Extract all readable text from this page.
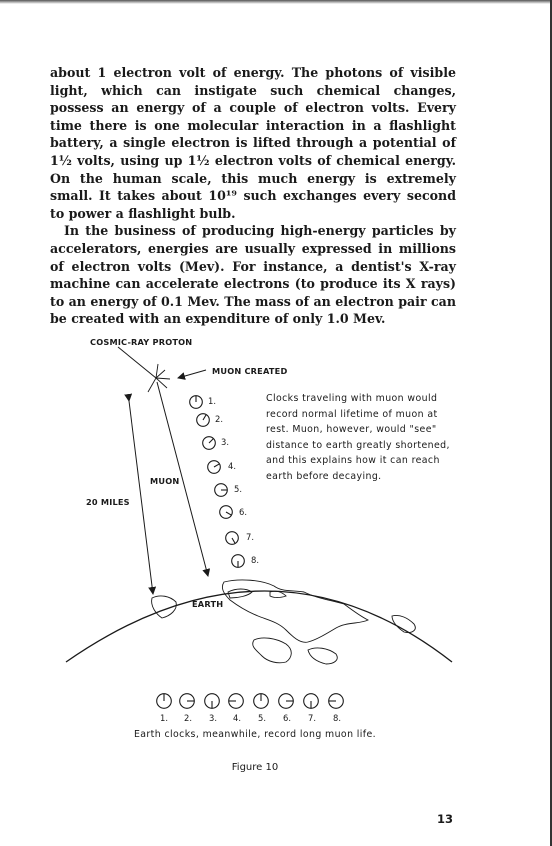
about 1 electron volt of energy. The photons of visible light, which can instigate such chemical changes, possess an energy of a couple of electron volts. Every time there is one molecular interaction in a flashlight battery, a single electron is lifted through a potential of 1½ volts, using up 1½ electron volts of chemical energy. On the human scale, this much energy is extremely small. It takes about 10¹⁹ such exchanges every second to power a flashlight bulb.

In the business of producing high-energy particles by accelerators, energies are usually expressed in millions of electron volts (Mev). For instance, a dentist's X-ray machine can accelerate electrons (to produce its X rays) to an energy of 0.1 Mev. The mass of an electron pair can be created with an expenditure of only 1.0 Mev.

COSMIC-RAY PROTON
MUON CREATED
MUON
20 MILES
EARTH
1.
2.
3.
4.
5.
6.
7.
8.
1. 2. 3. 4. 5. 6. 7. 8.
Clocks traveling with muon would
record normal lifetime of muon at
rest. Muon, however, would "see"
distance to earth greatly shortened,
and this explains how it can reach
earth before decaying.
Earth clocks, meanwhile, record long muon life.
Figure 10
13
